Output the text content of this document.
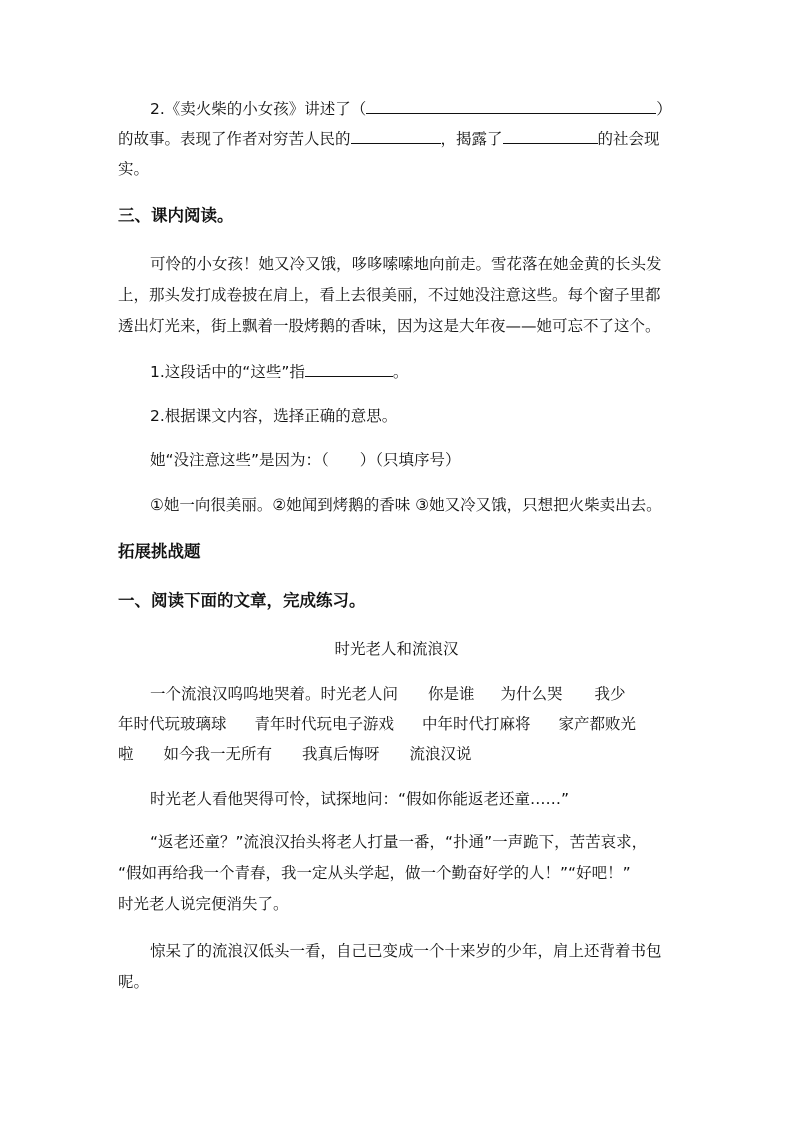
2.《卖火柴的小女孩》讲述了（	）
的故事。表现了作者对穷苦人民的	，揭露了	的社会现
实。
三、课内阅读。
可怜的小女孩！她又冷又饿，哆哆嗦嗦地向前走。雪花落在她金黄的长头发
上，那头发打成卷披在肩上，看上去很美丽，不过她没注意这些。每个窗子里都
透出灯光来，街上飘着一股烤鹅的香味，因为这是大年夜——她可忘不了这个。
1.这段话中的“这些”指	。
2.根据课文内容，选择正确的意思。
她“没注意这些”是因为：（　　）（只填序号）
①她一向很美丽。②她闻到烤鹅的香味 ③她又冷又饿，只想把火柴卖出去。
拓展挑战题
一、阅读下面的文章，完成练习。
时光老人和流浪汉
一个流浪汉呜呜地哭着。时光老人问 你是谁 为什么哭 我少
年时代玩玻璃球 青年时代玩电子游戏 中年时代打麻将 家产都败光
啦 如今我一无所有 我真后悔呀 流浪汉说
时光老人看他哭得可怜，试探地问：“假如你能返老还童……”
“返老还童？”流浪汉抬头将老人打量一番，“扑通”一声跪下，苦苦哀求，
“假如再给我一个青春，我一定从头学起，做一个勤奋好学的人！”“好吧！”
时光老人说完便消失了。
惊呆了的流浪汉低头一看，自己已变成一个十来岁的少年，肩上还背着书包
呢。
